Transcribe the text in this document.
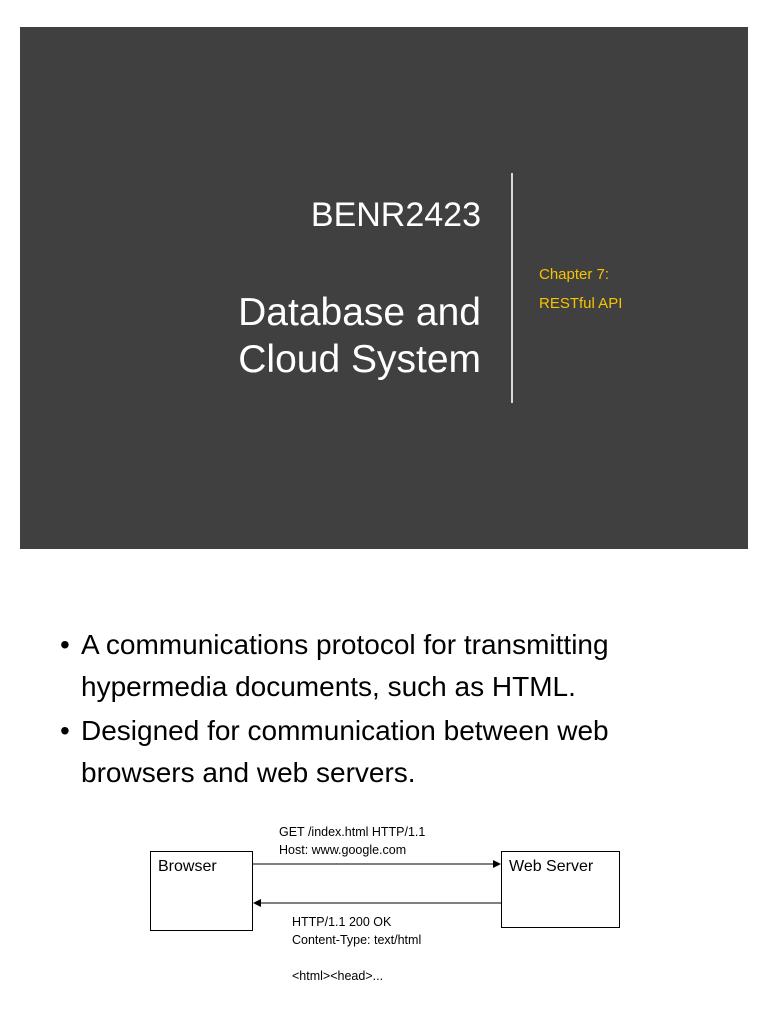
BENR2423
Database and
Cloud System
Chapter 7:
RESTful API
• A communications protocol for transmitting
hypermedia documents, such as HTML.
• Designed for communication between web
browsers and web servers.
Browser	Web Server
GET /index.html HTTP/1.1
Host: www.google.com
HTTP/1.1 200 OK
Content-Type: text/html
<html><head>...
